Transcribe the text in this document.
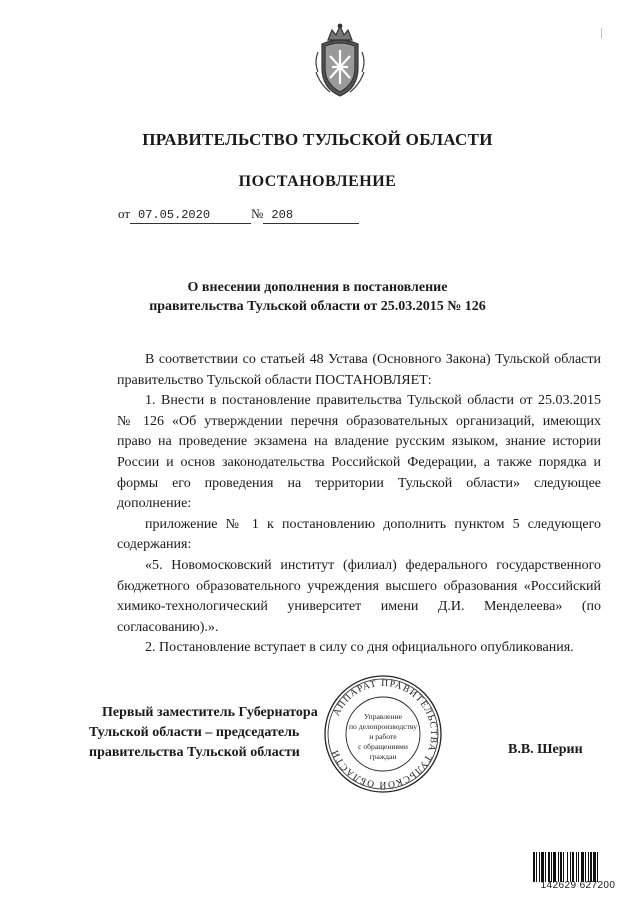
—
ПРАВИТЕЛЬСТВО ТУЛЬСКОЙ ОБЛАСТИ
ПОСТАНОВЛЕНИЕ
от 07.05.2020	№ 208
О внесении дополнения в постановление
правительства Тульской области от 25.03.2015 № 126

В соответствии со статьей 48 Устава (Основного Закона) Тульской области правительство Тульской области ПОСТАНОВЛЯЕТ:

1. Внести в постановление правительства Тульской области от 25.03.2015 № 126 «Об утверждении перечня образовательных организаций, имеющих право на проведение экзамена на владение русским языком, знание истории России и основ законодательства Российской Федерации, а также порядка и формы его проведения на территории Тульской области» следующее дополнение:

приложение № 1 к постановлению дополнить пунктом 5 следующего содержания:

«5. Новомосковский институт (филиал) федерального государственного бюджетного образовательного учреждения высшего образования «Российский химико-технологический университет имени Д.И. Менделеева» (по согласованию).».

2. Постановление вступает в силу со дня официального опубликования.

Первый заместитель Губернатора
Тульской области – председатель
правительства Тульской области	В.В. Шерин
АППАРАТ ПРАВИТЕЛЬСТВА ТУЛЬСКОЙ ОБЛАСТИ
Управление
по делопроизводству
и работе
с обращениями
граждан
142629 627200
